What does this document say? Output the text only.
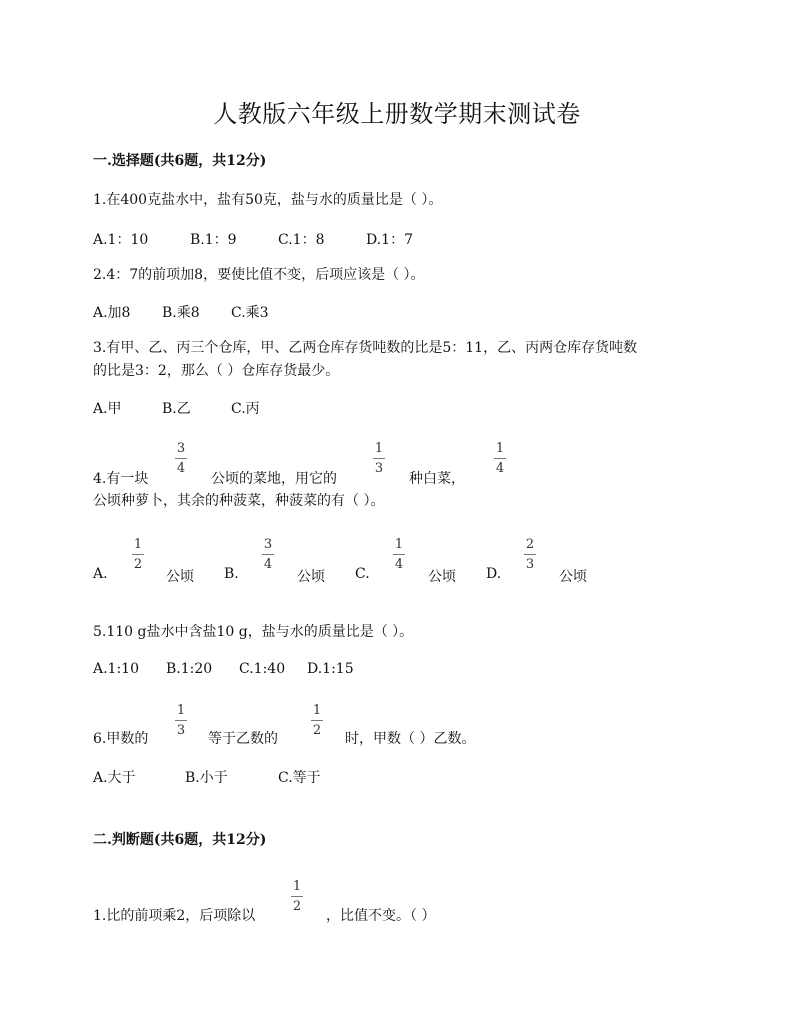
人教版六年级上册数学期末测试卷
一.选择题(共6题，共12分)
1.在400克盐水中，盐有50克，盐与水的质量比是（ ）。
A.1：10	B.1：9	C.1：8	D.1：7
2.4：7的前项加8，要使比值不变，后项应该是（ ）。
A.加8 B.乘8 C.乘3
3.有甲、乙、丙三个仓库，甲、乙两仓库存货吨数的比是5：11，乙、丙两仓库存货吨数
的比是3：2，那么（ ）仓库存货最少。
A.甲	B.乙	C.丙
4.有一块
3
4
公顷的菜地，用它的
1
3
种白菜，
1
4
公顷种萝卜，其余的种菠菜，种菠菜的有（ ）。
A.
1
2
公顷 B.
3
4
公顷 C.
1
4
公顷 D.
2
3
公顷
5.110 g盐水中含盐10 g，盐与水的质量比是（ ）。
A.1:10 B.1:20 C.1:40 D.1:15
6.甲数的
1
3
等于乙数的
1
2
时，甲数（ ）乙数。
A.大于	B.小于	C.等于
二.判断题(共6题，共12分)
1.比的前项乘2，后项除以
1
2
，比值不变。（ ）
